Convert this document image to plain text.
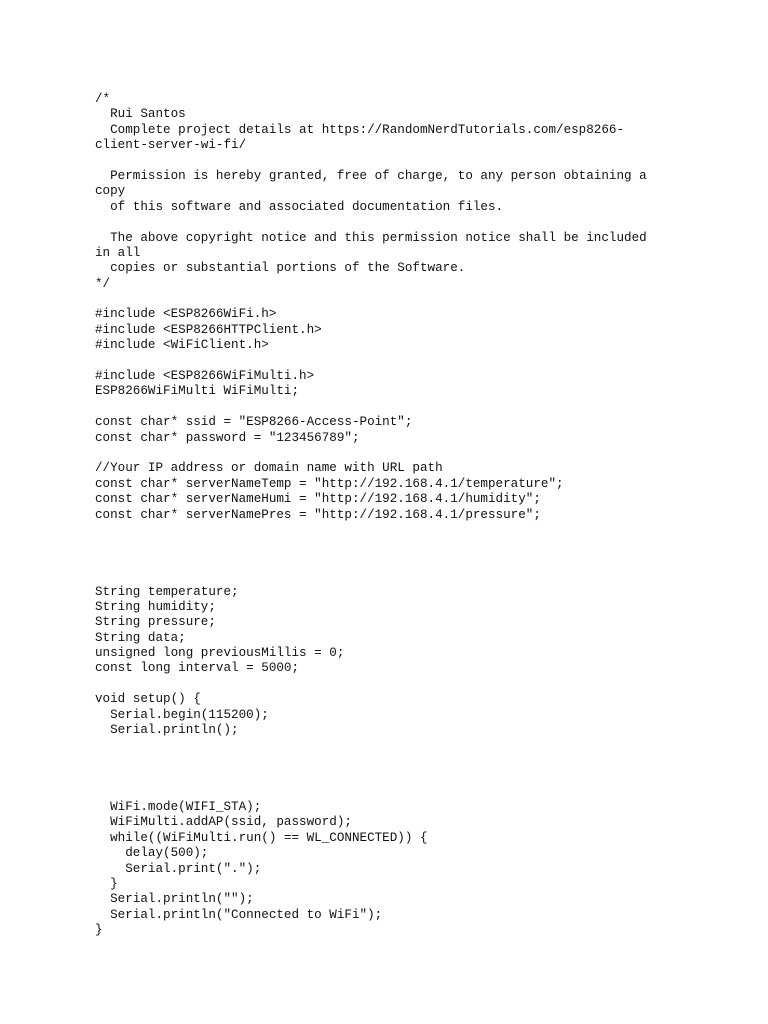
/*
Rui Santos
Complete project details at https://RandomNerdTutorials.com/esp8266-
client-server-wi-fi/
Permission is hereby granted, free of charge, to any person obtaining a
copy
of this software and associated documentation files.
The above copyright notice and this permission notice shall be included
in all
copies or substantial portions of the Software.
*/
#include <ESP8266WiFi.h>
#include <ESP8266HTTPClient.h>
#include <WiFiClient.h>
#include <ESP8266WiFiMulti.h>
ESP8266WiFiMulti WiFiMulti;
const char* ssid = "ESP8266-Access-Point";
const char* password = "123456789";
//Your IP address or domain name with URL path
const char* serverNameTemp = "http://192.168.4.1/temperature";
const char* serverNameHumi = "http://192.168.4.1/humidity";
const char* serverNamePres = "http://192.168.4.1/pressure";
String temperature;
String humidity;
String pressure;
String data;
unsigned long previousMillis = 0;
const long interval = 5000;
void setup() {
Serial.begin(115200);
Serial.println();
WiFi.mode(WIFI_STA);
WiFiMulti.addAP(ssid, password);
while((WiFiMulti.run() == WL_CONNECTED)) {
delay(500);
Serial.print(".");
}
Serial.println("");
Serial.println("Connected to WiFi");
}
